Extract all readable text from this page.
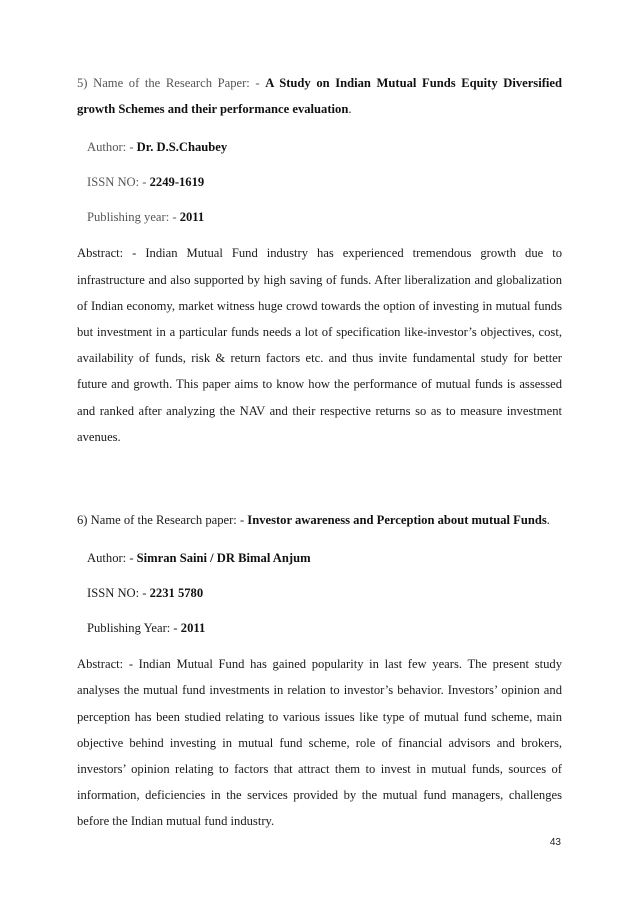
5) Name of the Research Paper: - A Study on Indian Mutual Funds Equity Diversified growth Schemes and their performance evaluation.

Author: - Dr. D.S.Chaubey

ISSN NO: - 2249-1619

Publishing year: - 2011

Abstract: - Indian Mutual Fund industry has experienced tremendous growth due to infrastructure and also supported by high saving of funds. After liberalization and globalization of Indian economy, market witness huge crowd towards the option of investing in mutual funds but investment in a particular funds needs a lot of specification like-investor’s objectives, cost, availability of funds, risk & return factors etc. and thus invite fundamental study for better future and growth. This paper aims to know how the performance of mutual funds is assessed and ranked after analyzing the NAV and their respective returns so as to measure investment avenues.

6) Name of the Research paper: - Investor awareness and Perception about mutual Funds.

Author: - Simran Saini / DR Bimal Anjum

ISSN NO: - 2231 5780

Publishing Year: - 2011

Abstract: - Indian Mutual Fund has gained popularity in last few years. The present study analyses the mutual fund investments in relation to investor’s behavior. Investors’ opinion and perception has been studied relating to various issues like type of mutual fund scheme, main objective behind investing in mutual fund scheme, role of financial advisors and brokers, investors’ opinion relating to factors that attract them to invest in mutual funds, sources of information, deficiencies in the services provided by the mutual fund managers, challenges before the Indian mutual fund industry.

43
